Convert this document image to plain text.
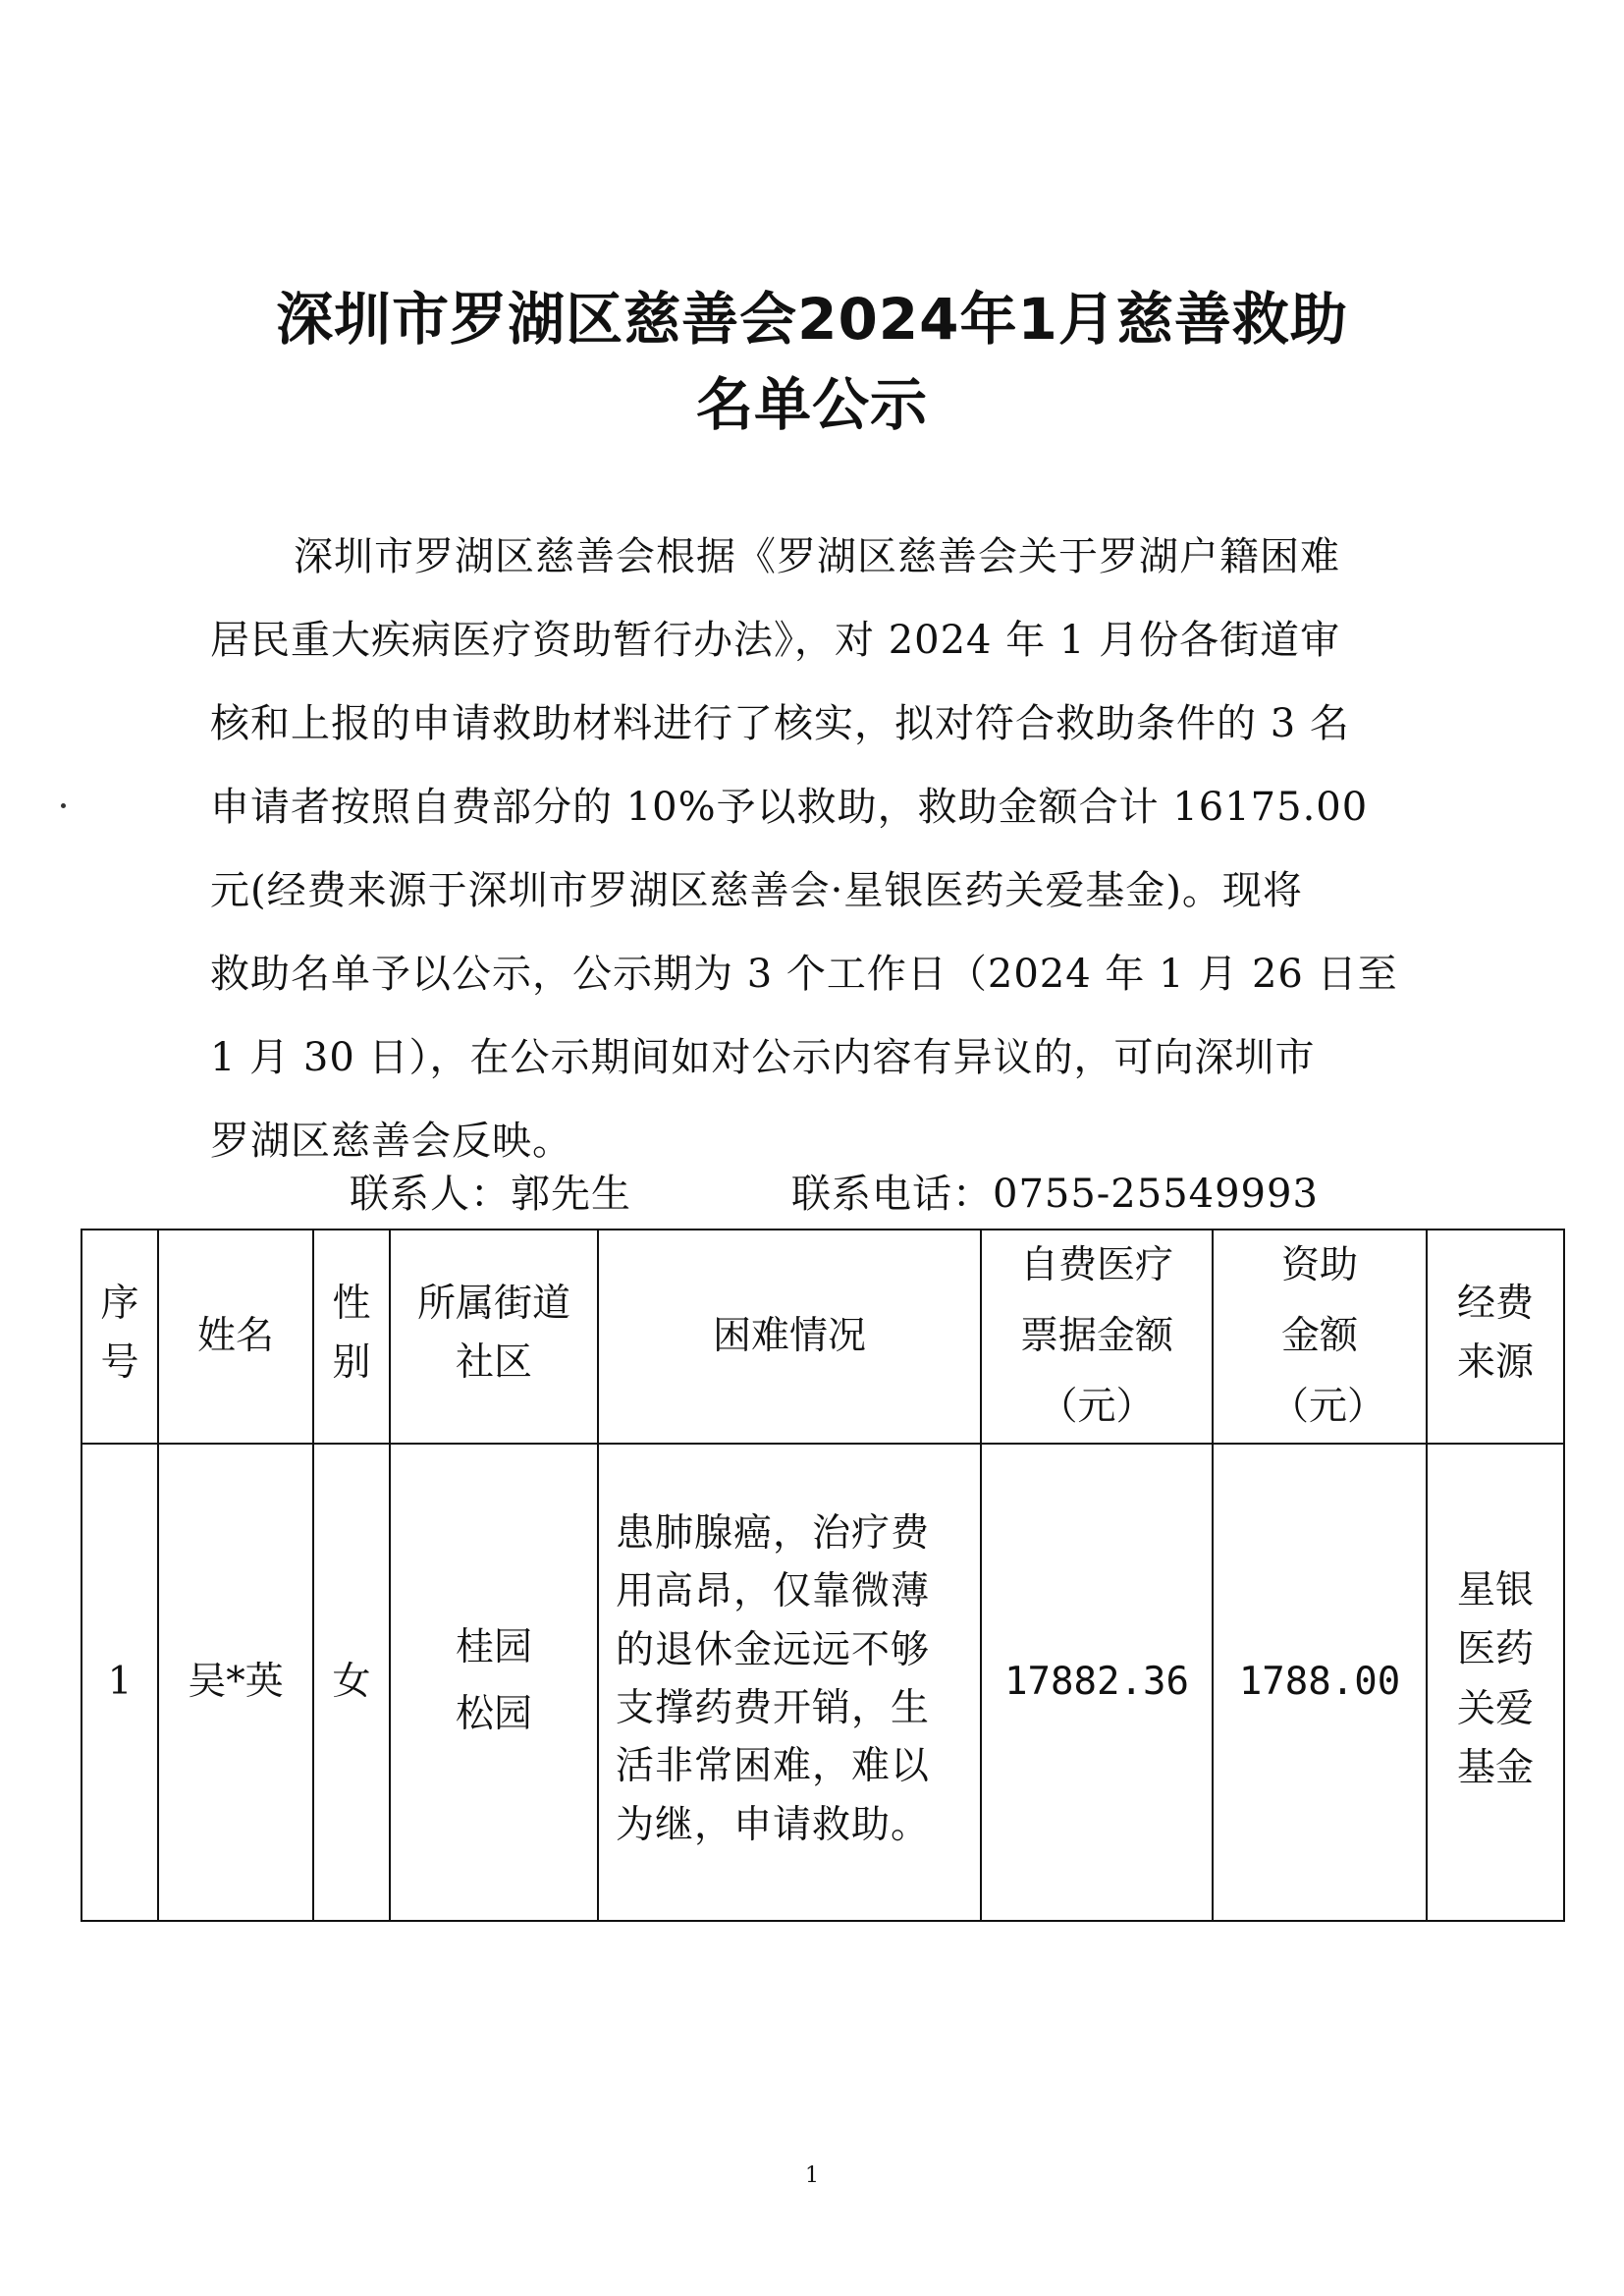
深圳市罗湖区慈善会2024年1月慈善救助
名单公示
深圳市罗湖区慈善会根据《罗湖区慈善会关于罗湖户籍困难
居民重大疾病医疗资助暂行办法》，对 2024 年 1 月份各街道审
核和上报的申请救助材料进行了核实，拟对符合救助条件的 3 名
申请者按照自费部分的 10%予以救助，救助金额合计 16175.00
元(经费来源于深圳市罗湖区慈善会·星银医药关爱基金)。现将
救助名单予以公示，公示期为 3 个工作日（2024 年 1 月 26 日至
1 月 30 日），在公示期间如对公示内容有异议的，可向深圳市
罗湖区慈善会反映。
联系人：郭先生	联系电话：0755-25549993
序号	姓名	性别	所属街道社区	困难情况	自费医疗票据金额（元）	资助金额（元）	经费来源
1	吴*英	女	桂园松园	患肺腺癌，治疗费用高昂，仅靠微薄的退休金远远不够支撑药费开销，生活非常困难，难以为继，申请救助。	17882.36	1788.00	星银医药关爱基金
1
